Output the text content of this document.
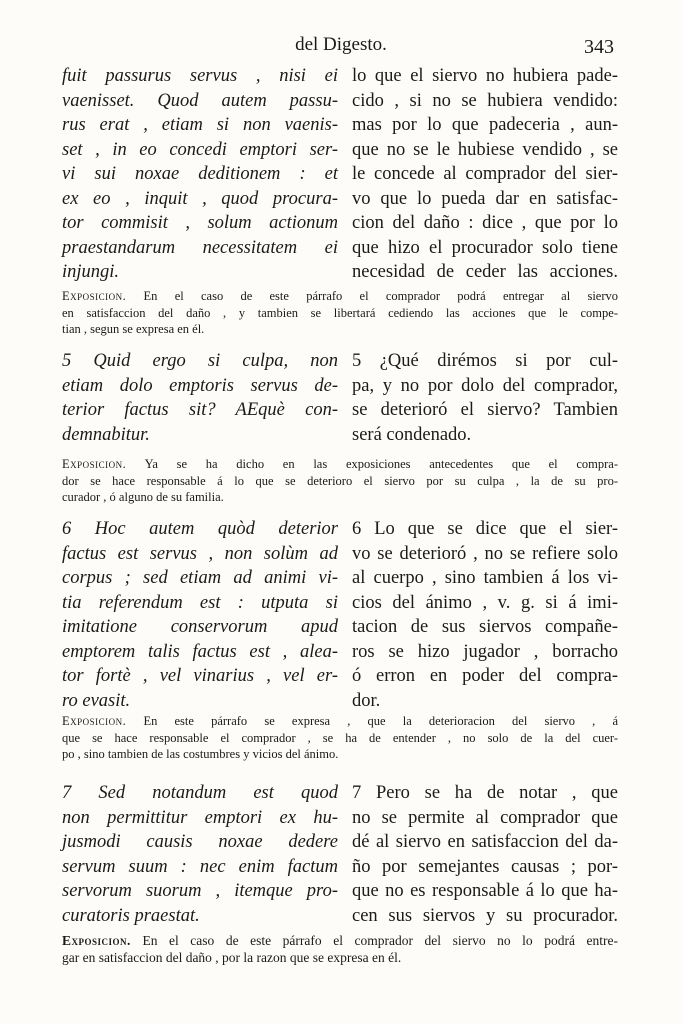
del Digesto.	343
fuit passurus servus , nisi ei
vaenisset. Quod autem passu-
rus erat , etiam si non vaenis-
set , in eo concedi emptori ser-
vi sui noxae deditionem : et
ex eo , inquit , quod procura-
tor commisit , solum actionum
praestandarum necessitatem ei
injungi.
lo que el siervo no hubiera pade-
cido , si no se hubiera vendido:
mas por lo que padeceria , aun-
que no se le hubiese vendido , se
le concede al comprador del sier-
vo que lo pueda dar en satisfac-
cion del daño : dice , que por lo
que hizo el procurador solo tiene
necesidad de ceder las acciones.
Exposicion. En el caso de este párrafo el comprador podrá entregar al siervo
en satisfaccion del daño , y tambien se libertará cediendo las acciones que le compe-
tian , segun se expresa en él.
5 Quid ergo si culpa, non
etiam dolo emptoris servus de-
terior factus sit? AEquè con-
demnabitur.
5 ¿Qué dirémos si por cul-
pa, y no por dolo del comprador,
se deterioró el siervo? Tambien
será condenado.
Exposicion. Ya se ha dicho en las exposiciones antecedentes que el compra-
dor se hace responsable á lo que se deterioro el siervo por su culpa , la de su pro-
curador , ó alguno de su familia.
6 Hoc autem quòd deterior
factus est servus , non solùm ad
corpus ; sed etiam ad animi vi-
tia referendum est : utputa si
imitatione conservorum apud
emptorem talis factus est , alea-
tor fortè , vel vinarius , vel er-
ro evasit.
6 Lo que se dice que el sier-
vo se deterioró , no se refiere solo
al cuerpo , sino tambien á los vi-
cios del ánimo , v. g. si á imi-
tacion de sus siervos compañe-
ros se hizo jugador , borracho
ó erron en poder del compra-
dor.
Exposicion. En este párrafo se expresa , que la deterioracion del siervo , á
que se hace responsable el comprador , se ha de entender , no solo de la del cuer-
po , sino tambien de las costumbres y vicios del ánimo.
7 Sed notandum est quod
non permittitur emptori ex hu-
jusmodi causis noxae dedere
servum suum : nec enim factum
servorum suorum , itemque pro-
curatoris praestat.
7 Pero se ha de notar , que
no se permite al comprador que
dé al siervo en satisfaccion del da-
ño por semejantes causas ; por-
que no es responsable á lo que ha-
cen sus siervos y su procurador.
Exposicion. En el caso de este párrafo el comprador del siervo no lo podrá entre-
gar en satisfaccion del daño , por la razon que se expresa en él.
